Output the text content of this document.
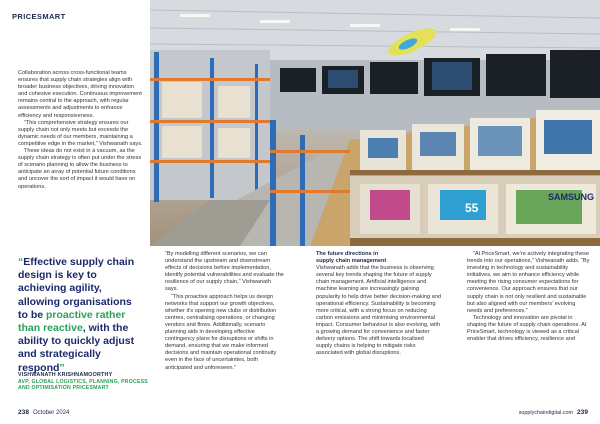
PRICESMART
SAMSUNG
55

Collaboration across cross-functional teams ensures that supply chain strategies align with broader business objectives, driving innovation and cohesive execution. Continuous improvement remains central to the approach, with regular assessments and adjustments to enhance efficiency and responsiveness.

“This comprehensive strategy ensures our supply chain not only meets but exceeds the dynamic needs of our members, maintaining a competitive edge in the market,” Vishwanath says.

These ideas do not exist in a vacuum, as the supply chain strategy is often put under the stress of scenario planning to allow the business to anticipate an array of potential future conditions and uncover the sort of impact it would have on operations.

“Effective supply chain design is key to achieving agility, allowing organisations to be proactive rather than reactive, with the ability to quickly adjust and strategically respond”
VISHWANATH KRISHNAMOORTHY
AVP, GLOBAL LOGISTICS, PLANNING, PROCESS AND OPTIMISATION PRICESMART

“By modelling different scenarios, we can understand the upstream and downstream effects of decisions before implementation, identify potential vulnerabilities and evaluate the resilience of our supply chain,” Vishwanath says.

“This proactive approach helps us design networks that support our growth objectives, whether it’s opening new clubs or distribution centres, centralising operations, or changing vendors and flows. Additionally, scenario planning aids in developing effective contingency plans for disruptions or shifts in demand, ensuring that we make informed decisions and maintain operational continuity even in the face of uncertainties, both anticipated and unforeseen.”

The future directions in

supply chain management

Vishwanath adds that the business is observing several key trends shaping the future of supply chain management. Artificial intelligence and machine learning are increasingly gaining popularity to help drive better decision-making and operational efficiency. Sustainability is becoming more critical, with a strong focus on reducing carbon emissions and minimising environmental impact. Consumer behaviour is also evolving, with a growing demand for convenience and faster delivery options. The shift towards localised supply chains is helping to mitigate risks associated with global disruptions.

“At PriceSmart, we’re actively integrating these trends into our operations,” Vishwanath adds. “By investing in technology and sustainability initiatives, we aim to enhance efficiency while meeting the rising consumer expectations for convenience. Our approach ensures that our supply chain is not only resilient and sustainable but also aligned with our members’ evolving needs and preferences.”

Technology and innovation are pivotal in shaping the future of supply chain operations. At PriceSmart, technology is viewed as a critical enabler that drives efficiency, resilience and

238 October 2024	supplychaindigital.com 239
